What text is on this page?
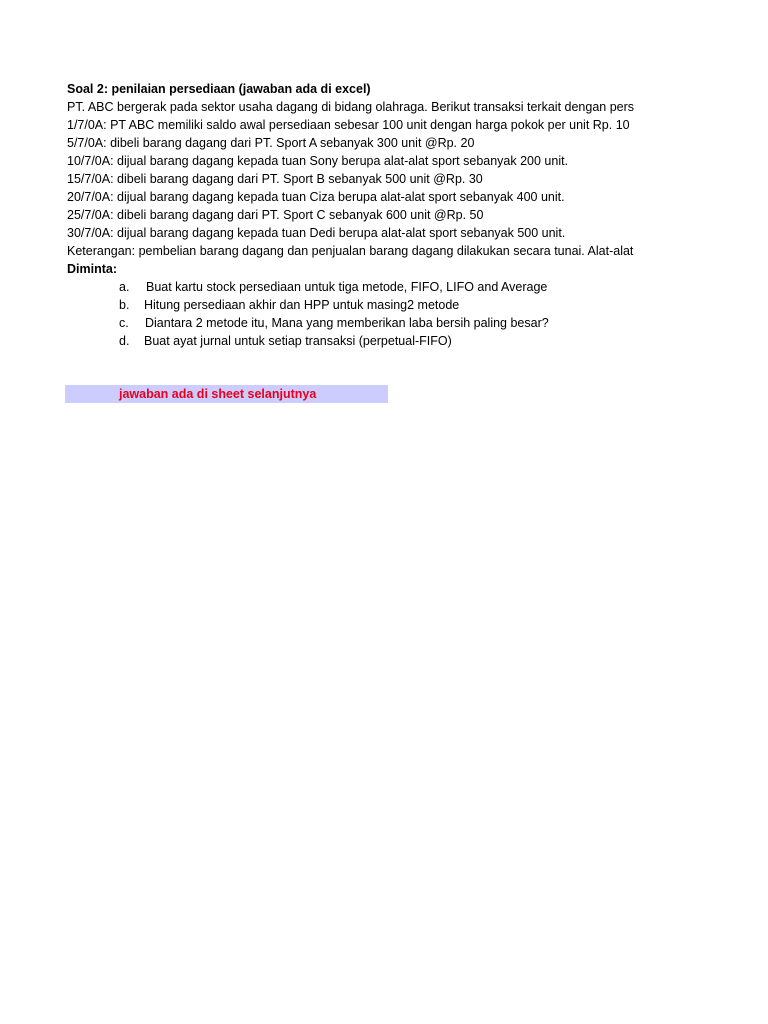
Soal 2: penilaian persediaan (jawaban ada di excel)
PT. ABC bergerak pada sektor usaha dagang di bidang olahraga. Berikut transaksi terkait dengan pers
1/7/0A: PT ABC memiliki saldo awal persediaan sebesar 100 unit dengan harga pokok per unit Rp. 10
5/7/0A: dibeli barang dagang dari PT. Sport A sebanyak 300 unit @Rp. 20
10/7/0A: dijual barang dagang kepada tuan Sony berupa alat-alat sport sebanyak 200 unit.
15/7/0A: dibeli barang dagang dari PT. Sport B sebanyak 500 unit @Rp. 30
20/7/0A: dijual barang dagang kepada tuan Ciza berupa alat-alat sport sebanyak 400 unit.
25/7/0A: dibeli barang dagang dari PT. Sport C sebanyak 600 unit @Rp. 50
30/7/0A: dijual barang dagang kepada tuan Dedi berupa alat-alat sport sebanyak 500 unit.
Keterangan: pembelian barang dagang dan penjualan barang dagang dilakukan secara tunai. Alat-alat
Diminta:
a. Buat kartu stock persediaan untuk tiga metode, FIFO, LIFO and Average
b. Hitung persediaan akhir dan HPP untuk masing2 metode
c. Diantara 2 metode itu, Mana yang memberikan laba bersih paling besar?
d. Buat ayat jurnal untuk setiap transaksi (perpetual-FIFO)
jawaban ada di sheet selanjutnya
